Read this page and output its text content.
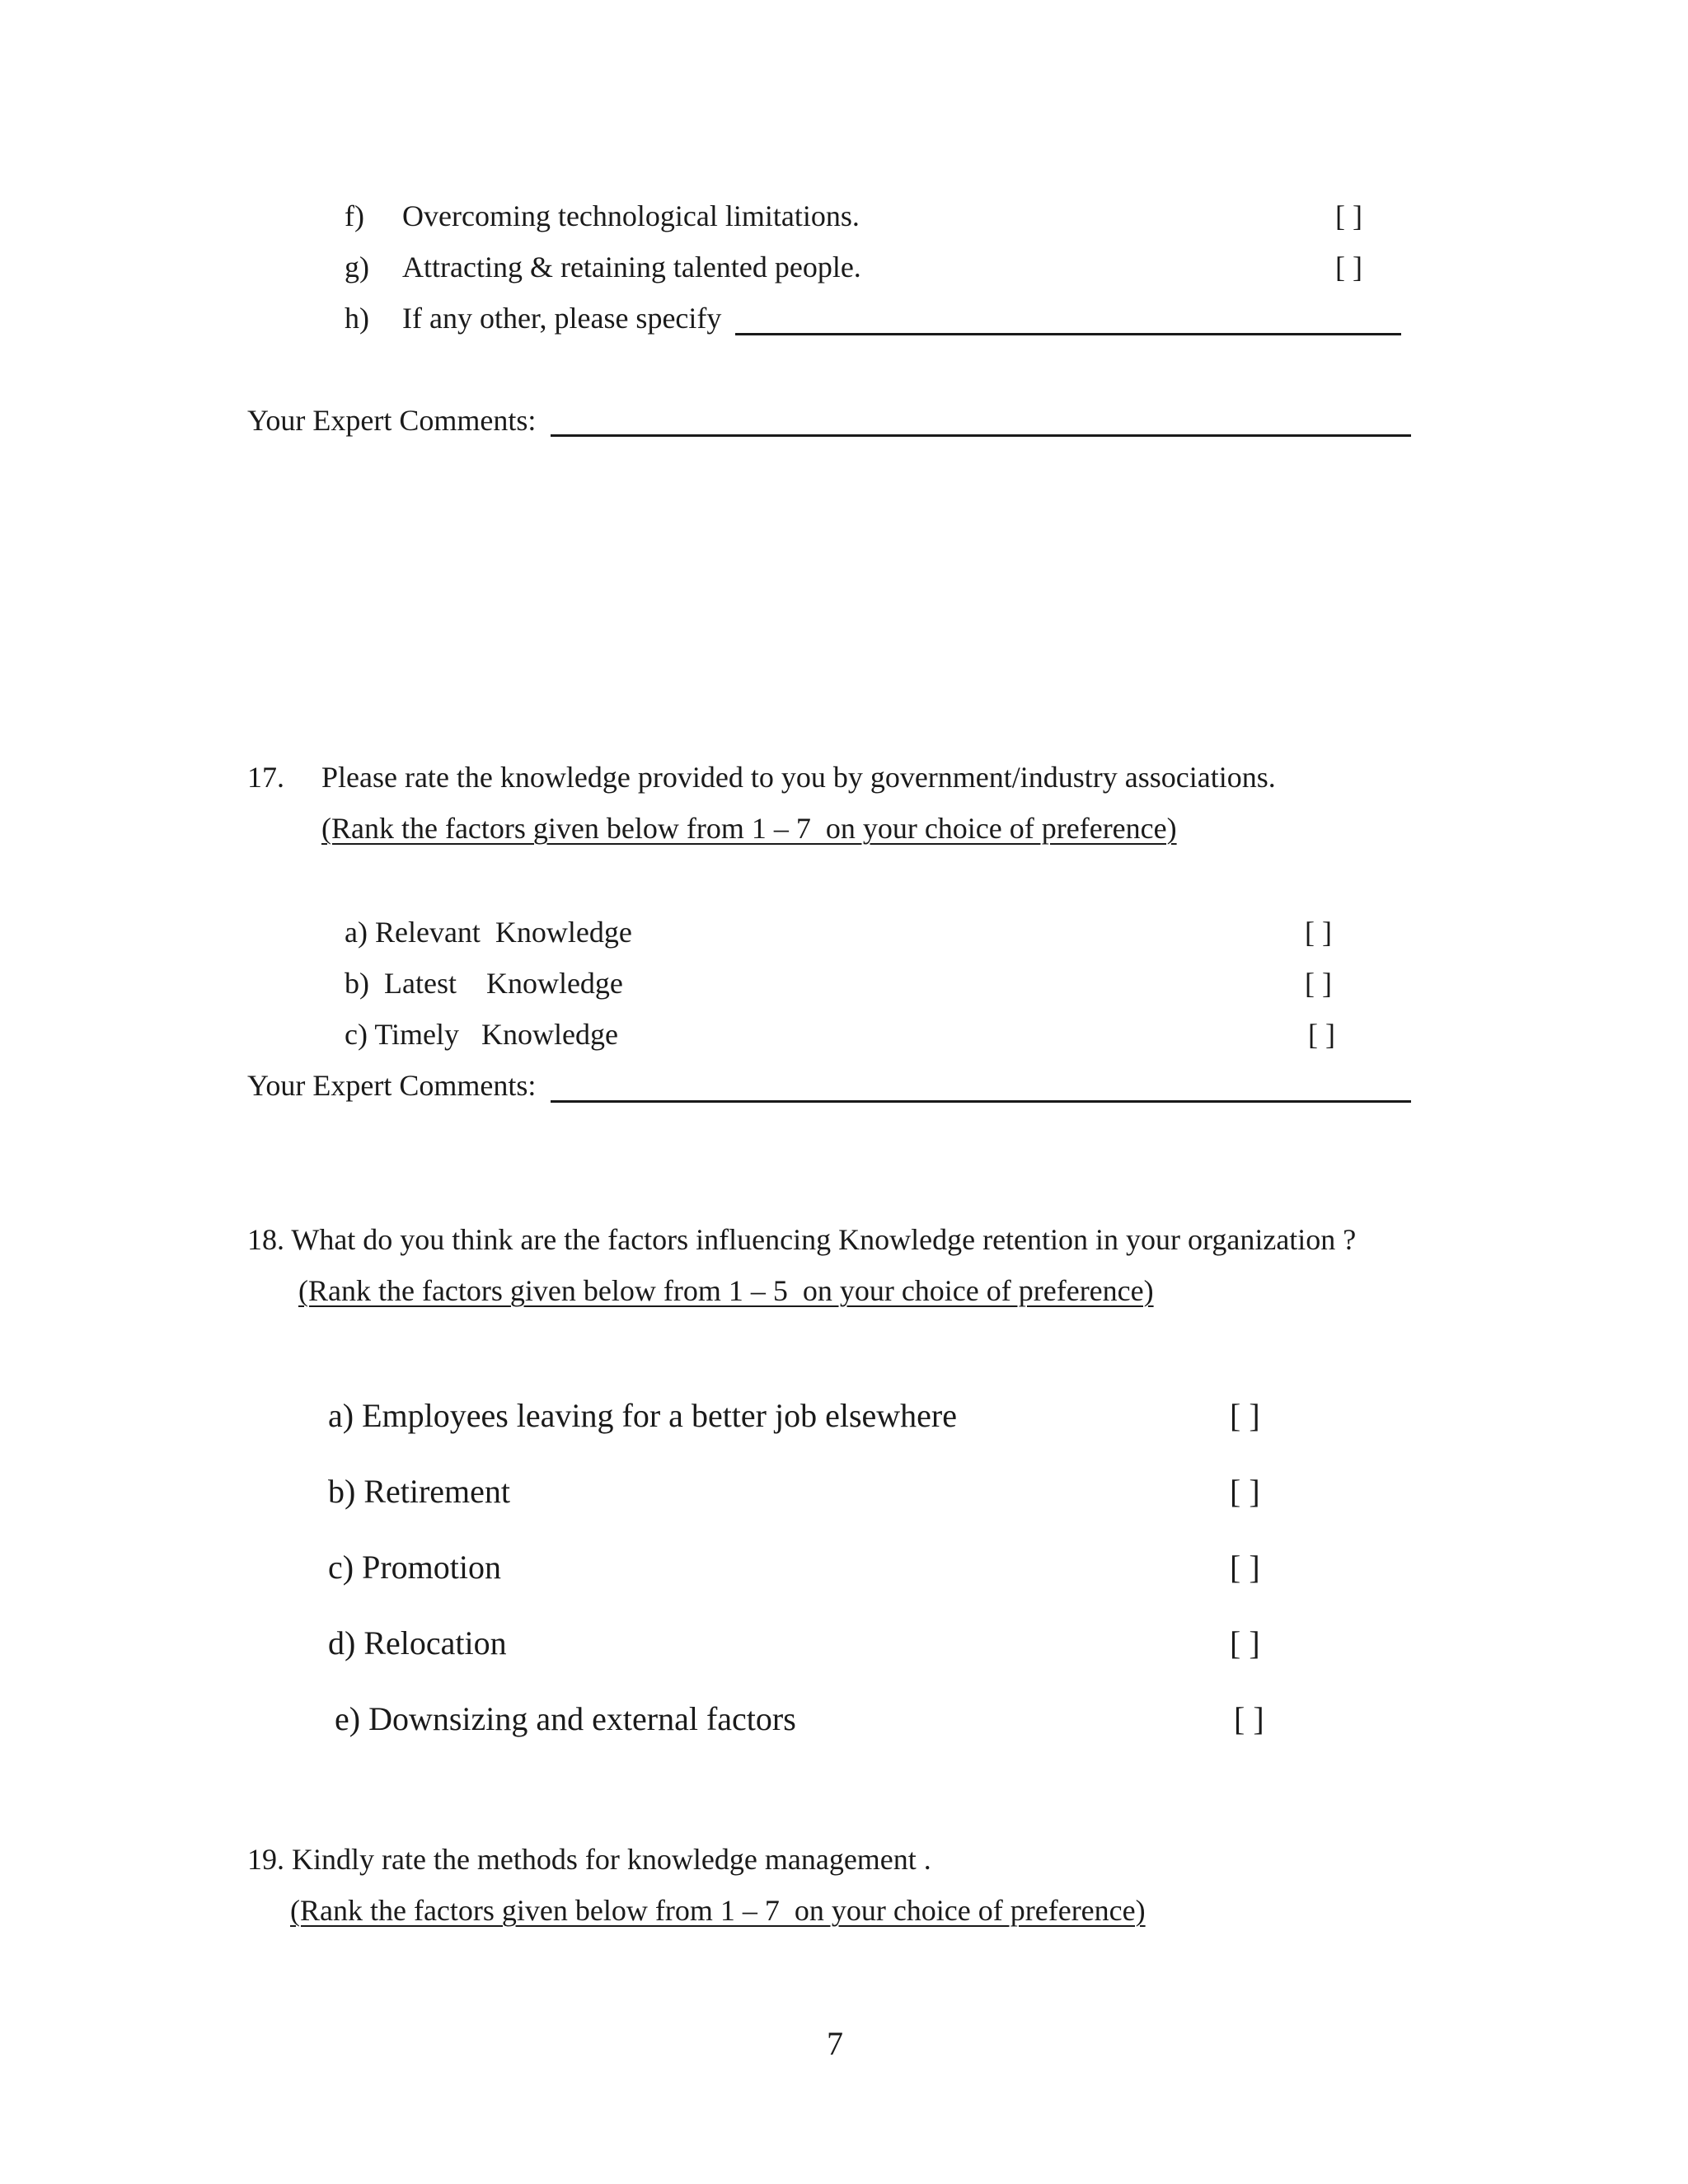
f) Overcoming technological limitations.	[ ]
g) Attracting & retaining talented people.	[ ]
h) If any other, please specify
Your Expert Comments:
17. Please rate the knowledge provided to you by government/industry associations.
(Rank the factors given below from 1 – 7  on your choice of preference)
a) Relevant  Knowledge	[ ]
b)  Latest    Knowledge	[ ]
c) Timely   Knowledge	[ ]
Your Expert Comments:
18. What do you think are the factors influencing Knowledge retention in your organization ?
(Rank the factors given below from 1 – 5  on your choice of preference)
a) Employees leaving for a better job elsewhere	[ ]
b) Retirement	[ ]
c) Promotion	[ ]
d) Relocation	[ ]
e) Downsizing and external factors	[ ]
19. Kindly rate the methods for knowledge management .
(Rank the factors given below from 1 – 7  on your choice of preference)
7
